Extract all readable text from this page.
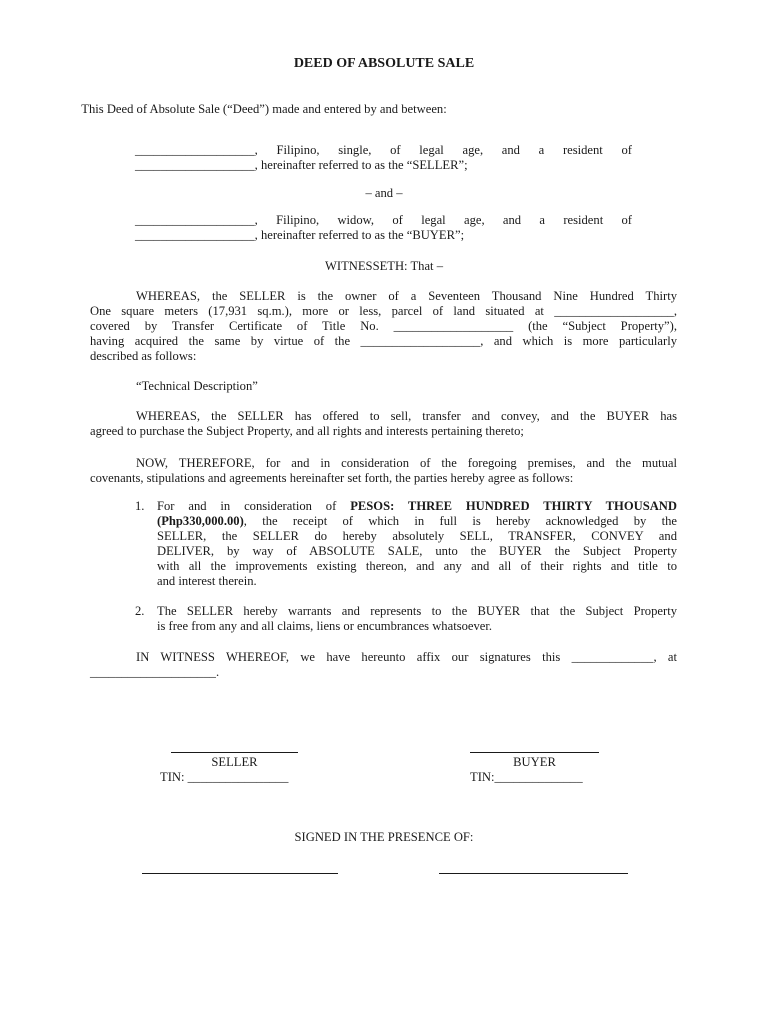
DEED OF ABSOLUTE SALE
This Deed of Absolute Sale (“Deed”) made and entered by and between:
___________________, Filipino, single, of legal age, and a resident of
___________________, hereinafter referred to as the “SELLER”;
– and –
___________________, Filipino, widow, of legal age, and a resident of
___________________, hereinafter referred to as the “BUYER”;
WITNESSETH: That –
WHEREAS, the SELLER is the owner of a Seventeen Thousand Nine Hundred Thirty
One square meters (17,931 sq.m.), more or less, parcel of land situated at ___________________,
covered by Transfer Certificate of Title No. ___________________ (the “Subject Property”),
having acquired the same by virtue of the ___________________, and which is more particularly
described as follows:
“Technical Description”
WHEREAS, the SELLER has offered to sell, transfer and convey, and the BUYER has
agreed to purchase the Subject Property, and all rights and interests pertaining thereto;
NOW, THEREFORE, for and in consideration of the foregoing premises, and the mutual
covenants, stipulations and agreements hereinafter set forth, the parties hereby agree as follows:
1. For and in consideration of PESOS: THREE HUNDRED THIRTY THOUSAND
(Php330,000.00), the receipt of which in full is hereby acknowledged by the
SELLER, the SELLER do hereby absolutely SELL, TRANSFER, CONVEY and
DELIVER, by way of ABSOLUTE SALE, unto the BUYER the Subject Property
with all the improvements existing thereon, and any and all of their rights and title to
and interest therein.
2. The SELLER hereby warrants and represents to the BUYER that the Subject Property
is free from any and all claims, liens or encumbrances whatsoever.
IN WITNESS WHEREOF, we have hereunto affix our signatures this _____________, at
____________________.
SELLER
TIN: ________________
BUYER
TIN:______________
SIGNED IN THE PRESENCE OF:
